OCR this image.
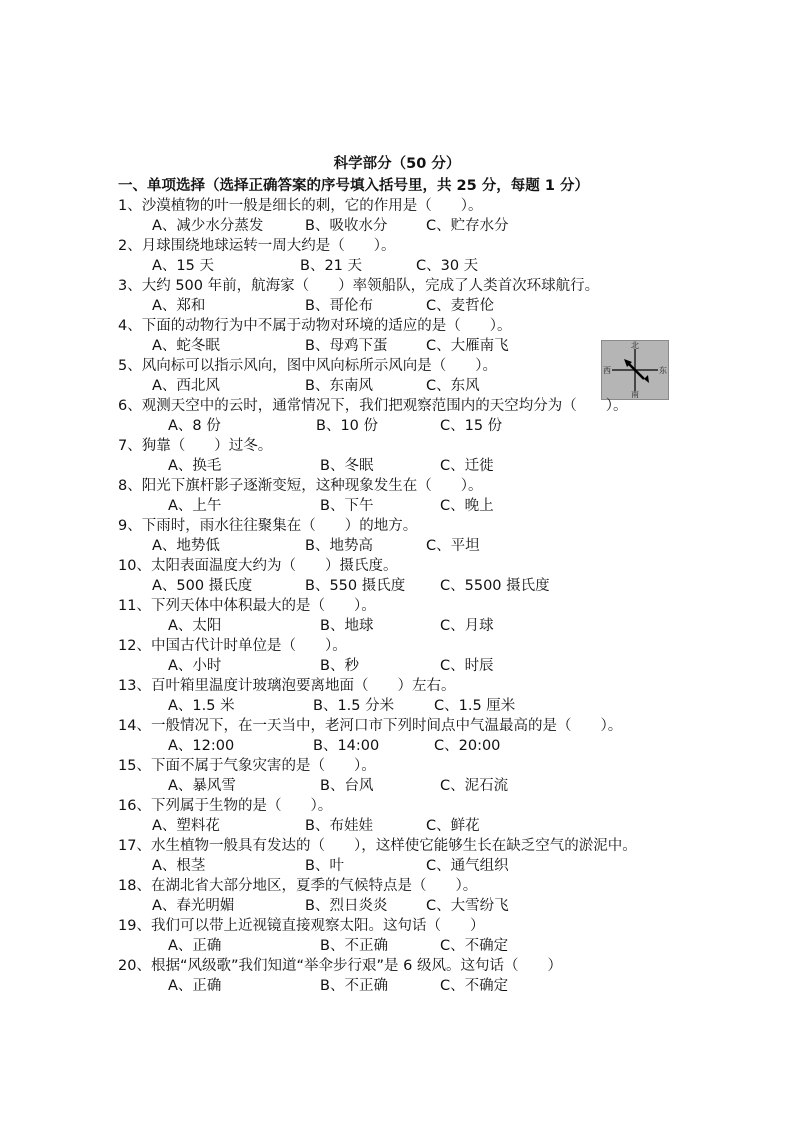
科学部分（50 分）
一、单项选择（选择正确答案的序号填入括号里，共 25 分，每题 1 分）
北
南
东
西
1、沙漠植物的叶一般是细长的刺，它的作用是（　　）。
A、减少水分蒸发	B、吸收水分	C、贮存水分
2、月球围绕地球运转一周大约是（　　）。
A、15 天	B、21 天	C、30 天
3、大约 500 年前，航海家（　　）率领船队，完成了人类首次环球航行。
A、郑和	B、哥伦布	C、麦哲伦
4、下面的动物行为中不属于动物对环境的适应的是（　　）。
A、蛇冬眠	B、母鸡下蛋	C、大雁南飞
5、风向标可以指示风向，图中风向标所示风向是（　　）。
A、西北风	B、东南风	C、东风
6、观测天空中的云时，通常情况下，我们把观察范围内的天空均分为（　　）。
A、8 份	B、10 份	C、15 份
7、狗靠（　　）过冬。
A、换毛	B、冬眠	C、迁徙
8、阳光下旗杆影子逐渐变短，这种现象发生在（　　）。
A、上午	B、下午	C、晚上
9、下雨时，雨水往往聚集在（　　）的地方。
A、地势低	B、地势高	C、平坦
10、太阳表面温度大约为（　　）摄氏度。
A、500 摄氏度	B、550 摄氏度 C、5500 摄氏度
11、下列天体中体积最大的是（　　）。
A、太阳	B、地球	C、月球
12、中国古代计时单位是（　　）。
A、小时	B、秒	C、时辰
13、百叶箱里温度计玻璃泡要离地面（　　）左右。
A、1.5 米	B、1.5 分米	C、1.5 厘米
14、一般情况下，在一天当中，老河口市下列时间点中气温最高的是（　　）。
A、12:00	B、14:00	C、20:00
15、下面不属于气象灾害的是（　　）。
A、暴风雪	B、台风	C、泥石流
16、下列属于生物的是（　　）。
A、塑料花	B、布娃娃	C、鲜花
17、水生植物一般具有发达的（　　），这样使它能够生长在缺乏空气的淤泥中。
A、根茎	B、叶	C、通气组织
18、在湖北省大部分地区，夏季的气候特点是（　　）。
A、春光明媚	B、烈日炎炎	C、大雪纷飞
19、我们可以带上近视镜直接观察太阳。这句话（　　）
A、正确	B、不正确	C、不确定
20、根据“风级歌”我们知道“举伞步行艰”是 6 级风。这句话（　　）
A、正确	B、不正确	C、不确定
